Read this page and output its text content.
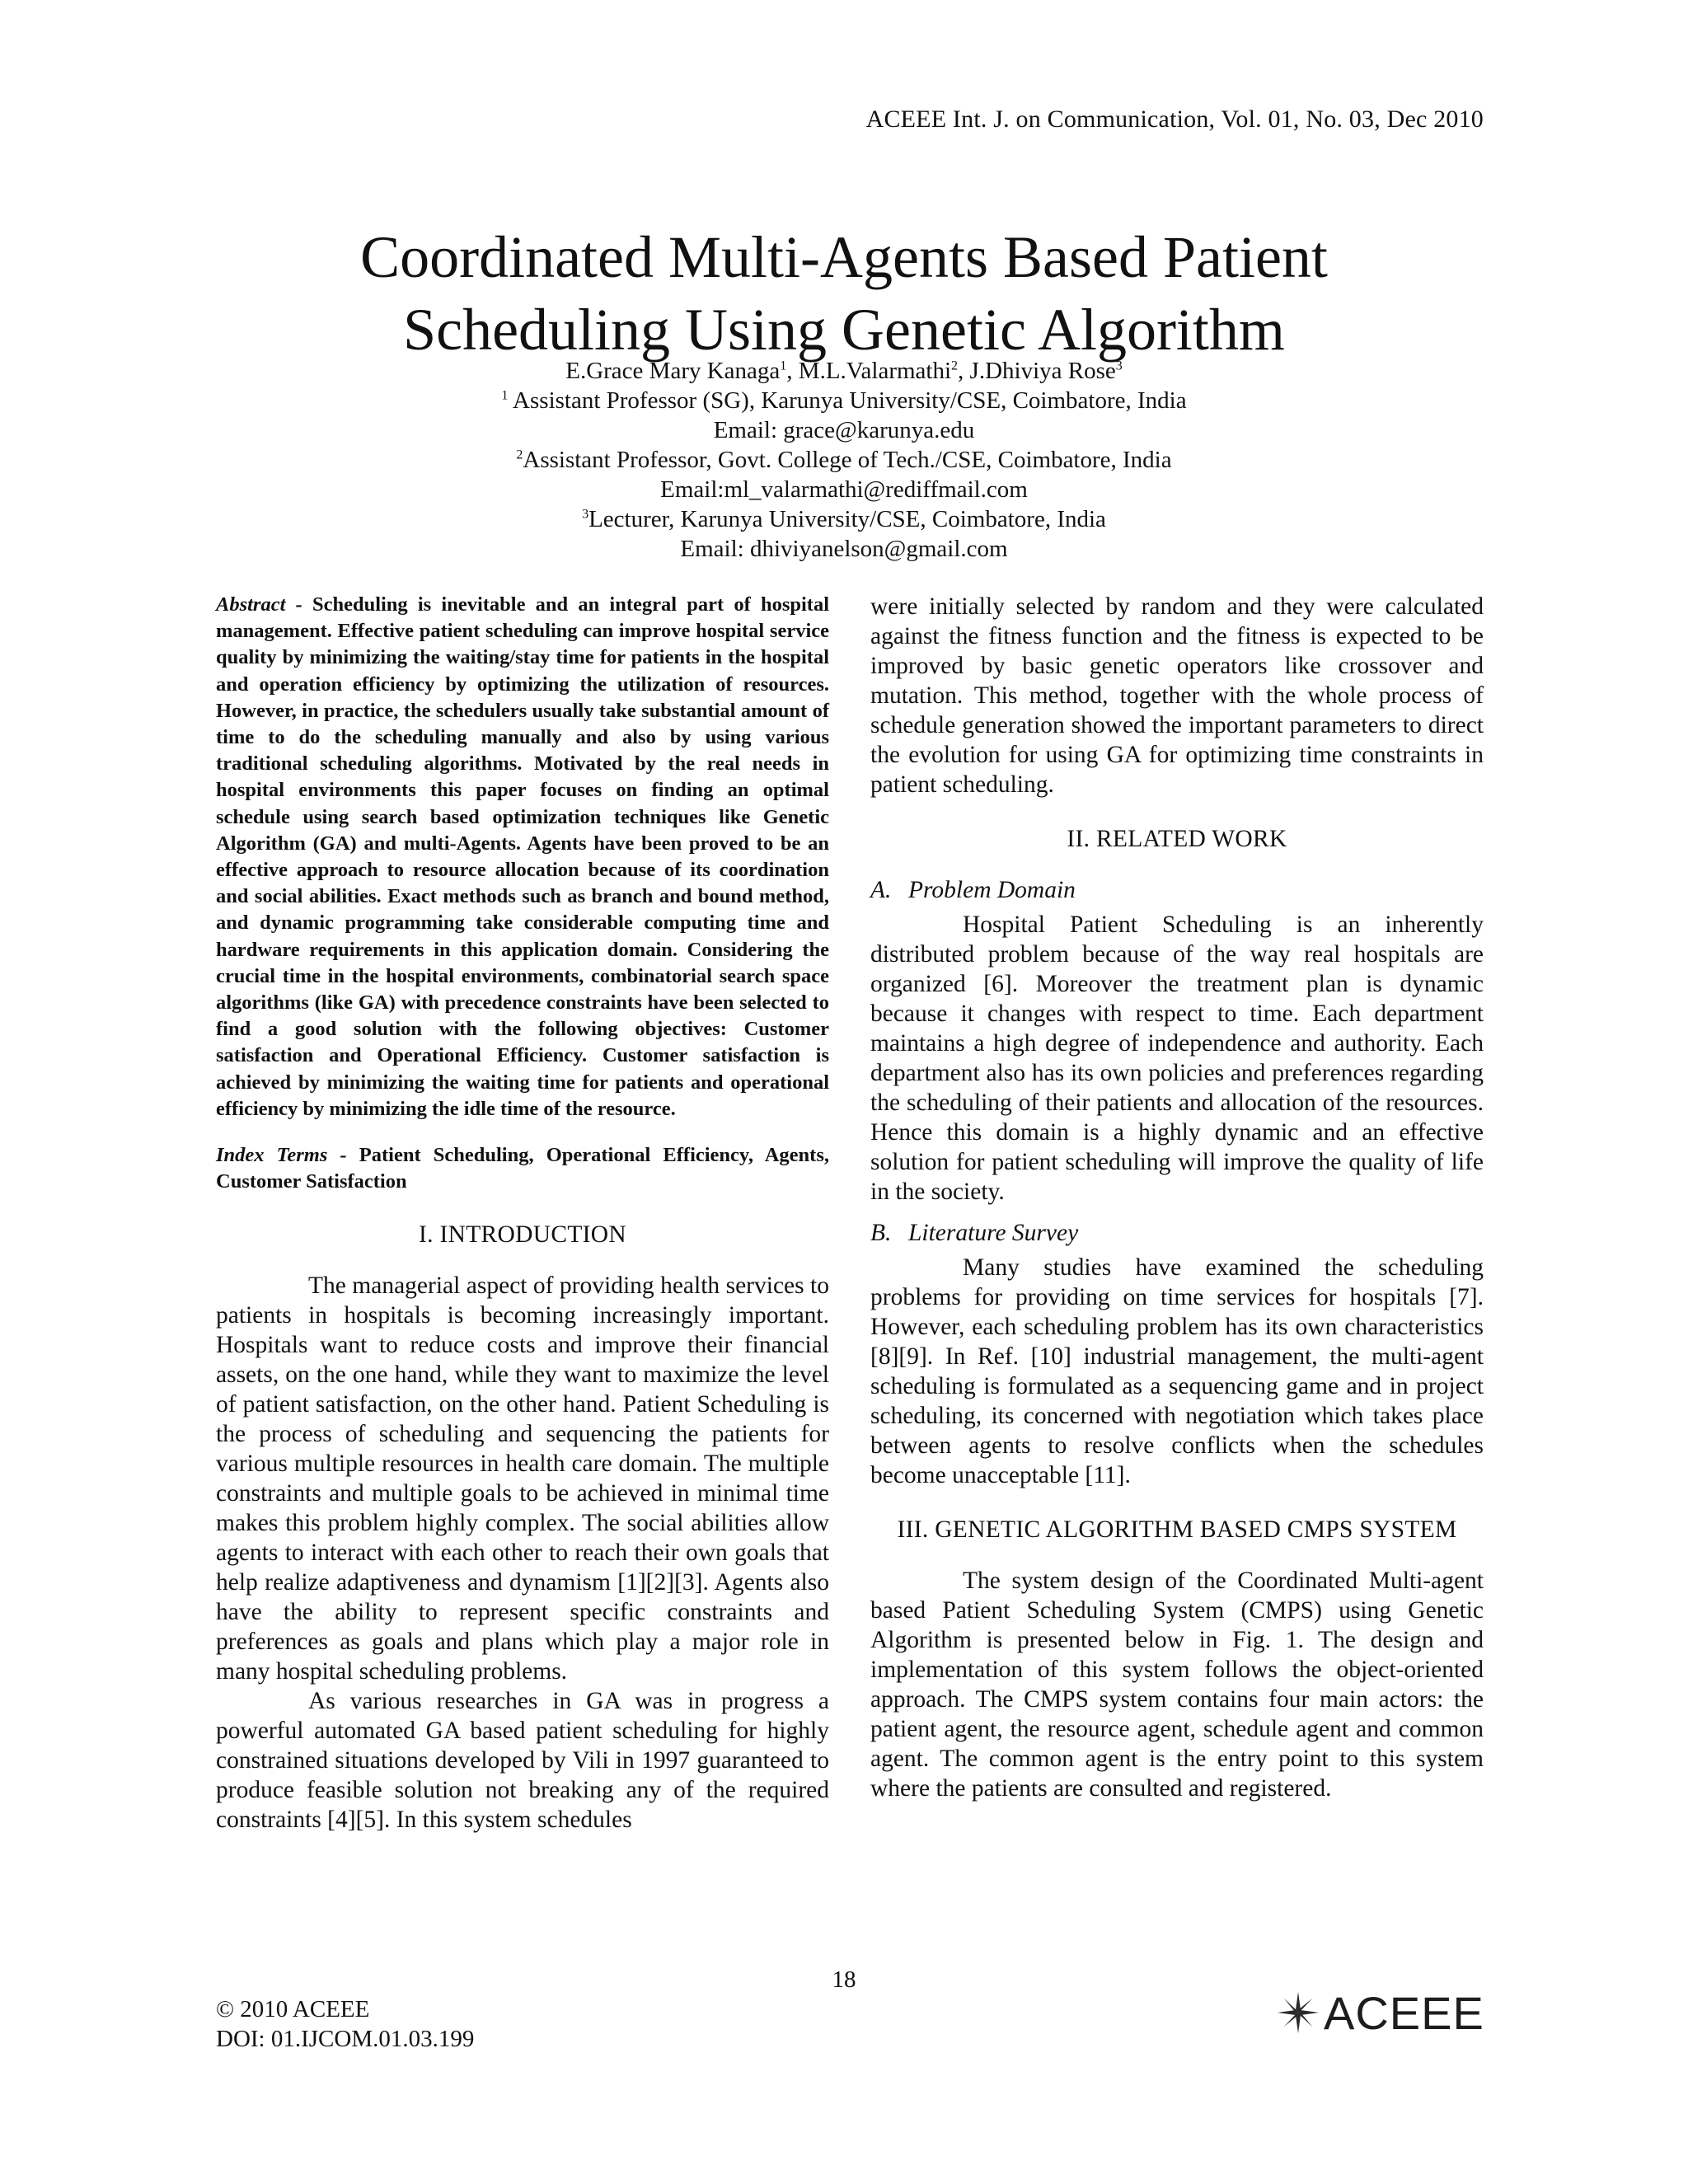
ACEEE Int. J. on Communication, Vol. 01, No. 03, Dec 2010
Coordinated Multi-Agents Based Patient
Scheduling Using Genetic Algorithm
E.Grace Mary Kanaga$^1$, M.L.Valarmathi$^2$, J.Dhiviya Rose$^3$
$^1$ Assistant Professor (SG), Karunya University/CSE, Coimbatore, India
Email: grace@karunya.edu
$^2$Assistant Professor, Govt. College of Tech./CSE, Coimbatore, India
Email:ml_valarmathi@rediffmail.com
$^3$Lecturer, Karunya University/CSE, Coimbatore, India
Email: dhiviyanelson@gmail.com

Abstract - Scheduling is inevitable and an integral part of hospital management. Effective patient scheduling can improve hospital service quality by minimizing the waiting/stay time for patients in the hospital and operation efficiency by optimizing the utilization of resources. However, in practice, the schedulers usually take substantial amount of time to do the scheduling manually and also by using various traditional scheduling algorithms. Motivated by the real needs in hospital environments this paper focuses on finding an optimal schedule using search based optimization techniques like Genetic Algorithm (GA) and multi-Agents. Agents have been proved to be an effective approach to resource allocation because of its coordination and social abilities. Exact methods such as branch and bound method, and dynamic programming take considerable computing time and hardware requirements in this application domain. Considering the crucial time in the hospital environments, combinatorial search space algorithms (like GA) with precedence constraints have been selected to find a good solution with the following objectives: Customer satisfaction and Operational Efficiency. Customer satisfaction is achieved by minimizing the waiting time for patients and operational efficiency by minimizing the idle time of the resource.

Index Terms - Patient Scheduling, Operational Efficiency, Agents, Customer Satisfaction

I. INTRODUCTION

The managerial aspect of providing health services to patients in hospitals is becoming increasingly important. Hospitals want to reduce costs and improve their financial assets, on the one hand, while they want to maximize the level of patient satisfaction, on the other hand. Patient Scheduling is the process of scheduling and sequencing the patients for various multiple resources in health care domain. The multiple constraints and multiple goals to be achieved in minimal time makes this problem highly complex. The social abilities allow agents to interact with each other to reach their own goals that help realize adaptiveness and dynamism [1][2][3]. Agents also have the ability to represent specific constraints and preferences as goals and plans which play a major role in many hospital scheduling problems.

As various researches in GA was in progress a powerful automated GA based patient scheduling for highly constrained situations developed by Vili in 1997 guaranteed to produce feasible solution not breaking any of the required constraints [4][5]. In this system schedules

were initially selected by random and they were calculated against the fitness function and the fitness is expected to be improved by basic genetic operators like crossover and mutation. This method, together with the whole process of schedule generation showed the important parameters to direct the evolution for using GA for optimizing time constraints in patient scheduling.

II. RELATED WORK
A. Problem Domain

Hospital Patient Scheduling is an inherently distributed problem because of the way real hospitals are organized [6]. Moreover the treatment plan is dynamic because it changes with respect to time. Each department maintains a high degree of independence and authority. Each department also has its own policies and preferences regarding the scheduling of their patients and allocation of the resources. Hence this domain is a highly dynamic and an effective solution for patient scheduling will improve the quality of life in the society.

B. Literature Survey

Many studies have examined the scheduling problems for providing on time services for hospitals [7]. However, each scheduling problem has its own characteristics [8][9]. In Ref. [10] industrial management, the multi-agent scheduling is formulated as a sequencing game and in project scheduling, its concerned with negotiation which takes place between agents to resolve conflicts when the schedules become unacceptable [11].

III. GENETIC ALGORITHM BASED CMPS SYSTEM

The system design of the Coordinated Multi-agent based Patient Scheduling System (CMPS) using Genetic Algorithm is presented below in Fig. 1. The design and implementation of this system follows the object-oriented approach. The CMPS system contains four main actors: the patient agent, the resource agent, schedule agent and common agent. The common agent is the entry point to this system where the patients are consulted and registered.

18
© 2010 ACEEE
DOI: 01.IJCOM.01.03.199
ACEEE
